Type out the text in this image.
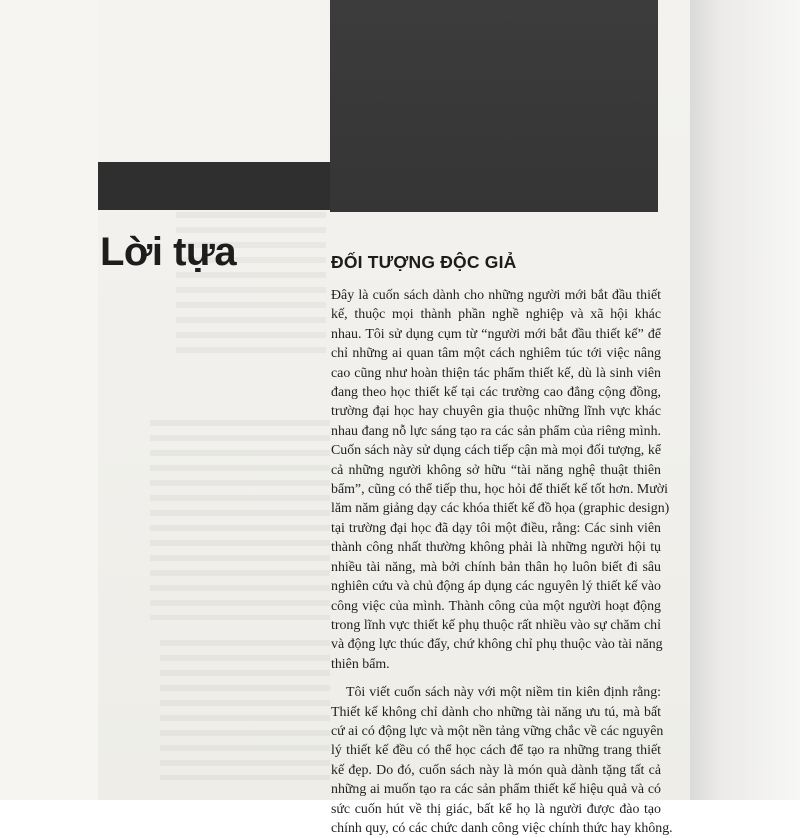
Lời tựa	ĐỐI TƯỢNG ĐỘC GIẢ

Đây là cuốn sách dành cho những người mới bắt đầu thiết
kế, thuộc mọi thành phần nghề nghiệp và xã hội khác
nhau. Tôi sử dụng cụm từ “người mới bắt đầu thiết kế” để
chỉ những ai quan tâm một cách nghiêm túc tới việc nâng
cao cũng như hoàn thiện tác phẩm thiết kế, dù là sinh viên
đang theo học thiết kế tại các trường cao đẳng cộng đồng,
trường đại học hay chuyên gia thuộc những lĩnh vực khác
nhau đang nỗ lực sáng tạo ra các sản phẩm của riêng mình.
Cuốn sách này sử dụng cách tiếp cận mà mọi đối tượng, kể
cả những người không sở hữu “tài năng nghệ thuật thiên
bẩm”, cũng có thể tiếp thu, học hỏi để thiết kế tốt hơn. Mười
lăm năm giảng dạy các khóa thiết kế đồ họa (graphic design)
tại trường đại học đã dạy tôi một điều, rằng: Các sinh viên
thành công nhất thường không phải là những người hội tụ
nhiều tài năng, mà bởi chính bản thân họ luôn biết đi sâu
nghiên cứu và chủ động áp dụng các nguyên lý thiết kế vào
công việc của mình. Thành công của một người hoạt động
trong lĩnh vực thiết kế phụ thuộc rất nhiều vào sự chăm chỉ
và động lực thúc đẩy, chứ không chỉ phụ thuộc vào tài năng
thiên bẩm.

Tôi viết cuốn sách này với một niềm tin kiên định rằng:
Thiết kế không chỉ dành cho những tài năng ưu tú, mà bất
cứ ai có động lực và một nền tảng vững chắc về các nguyên
lý thiết kế đều có thể học cách để tạo ra những trang thiết
kế đẹp. Do đó, cuốn sách này là món quà dành tặng tất cả
những ai muốn tạo ra các sản phẩm thiết kế hiệu quả và có
sức cuốn hút về thị giác, bất kể họ là người được đào tạo
chính quy, có các chức danh công việc chính thức hay không.
